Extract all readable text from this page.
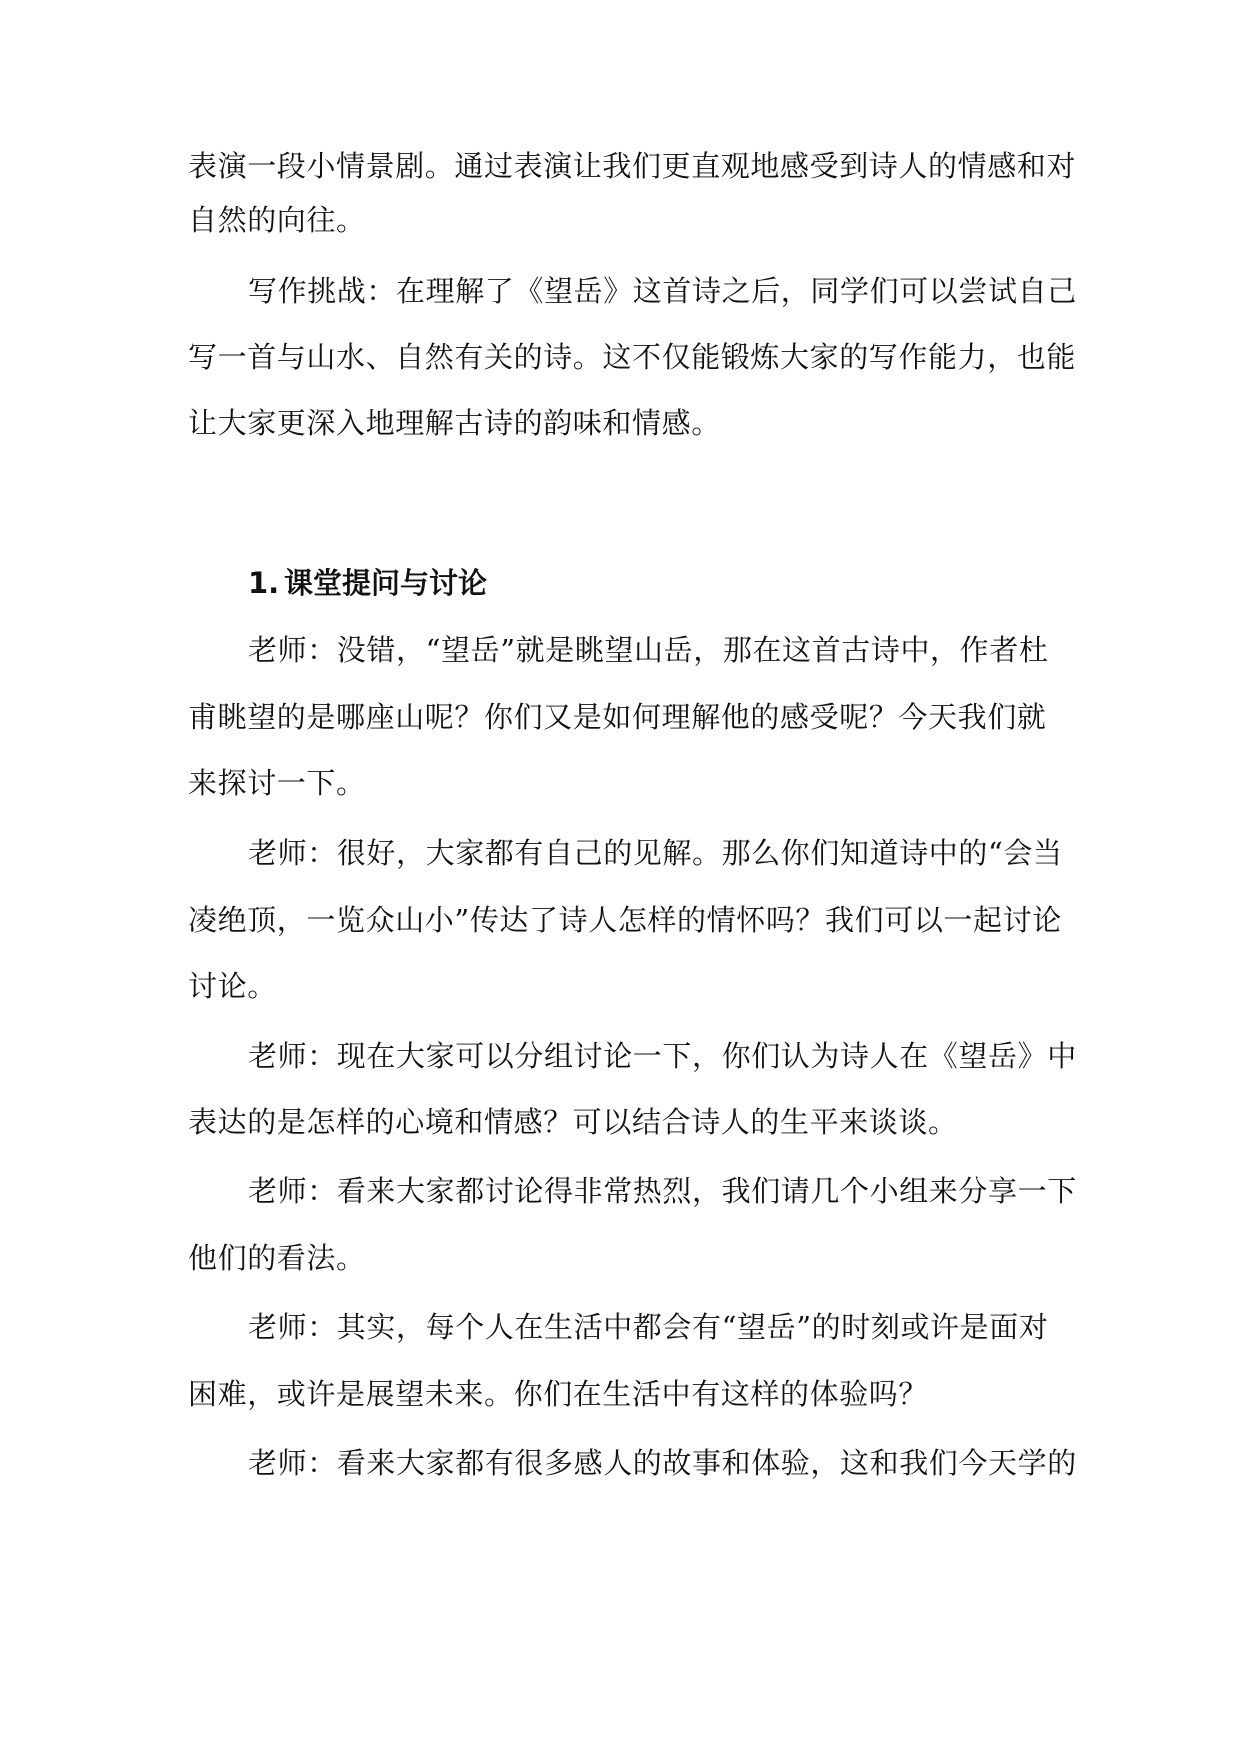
表演一段小情景剧。通过表演让我们更直观地感受到诗人的情感和对

自然的向往。

写作挑战：在理解了《望岳》这首诗之后，同学们可以尝试自己

写一首与山水、自然有关的诗。这不仅能锻炼大家的写作能力，也能

让大家更深入地理解古诗的韵味和情感。

1. 课堂提问与讨论

老师：没错，“望岳”就是眺望山岳，那在这首古诗中，作者杜

甫眺望的是哪座山呢？你们又是如何理解他的感受呢？今天我们就

来探讨一下。

老师：很好，大家都有自己的见解。那么你们知道诗中的“会当

凌绝顶，一览众山小”传达了诗人怎样的情怀吗？我们可以一起讨论

讨论。

老师：现在大家可以分组讨论一下，你们认为诗人在《望岳》中

表达的是怎样的心境和情感？可以结合诗人的生平来谈谈。

老师：看来大家都讨论得非常热烈，我们请几个小组来分享一下

他们的看法。

老师：其实，每个人在生活中都会有“望岳”的时刻或许是面对

困难，或许是展望未来。你们在生活中有这样的体验吗？

老师：看来大家都有很多感人的故事和体验，这和我们今天学的
